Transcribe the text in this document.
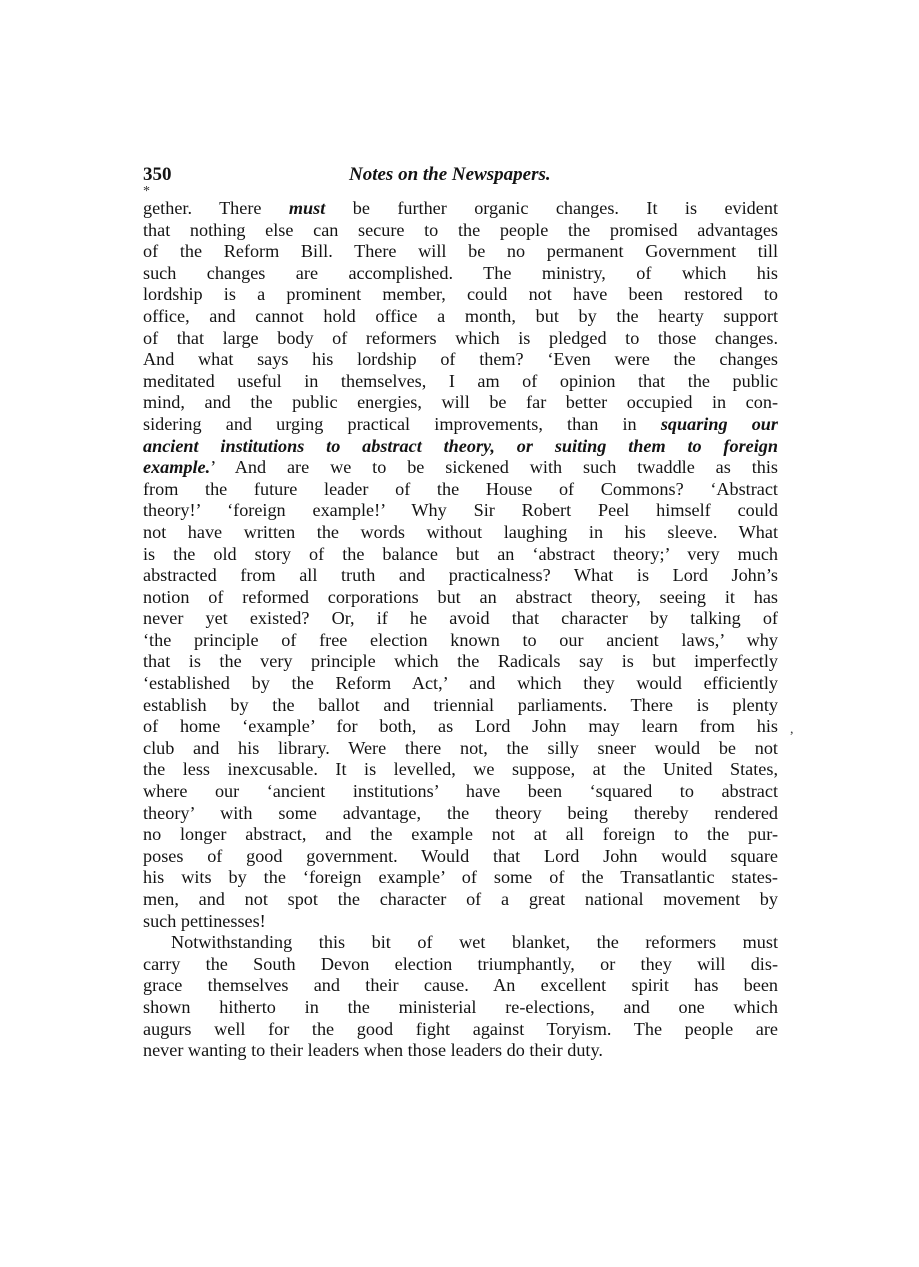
350	Notes on the Newspapers.
gether. There must be further organic changes. It is evident
that nothing else can secure to the people the promised advantages
of the Reform Bill. There will be no permanent Government till
such changes are accomplished. The ministry, of which his
lordship is a prominent member, could not have been restored to
office, and cannot hold office a month, but by the hearty support
of that large body of reformers which is pledged to those changes.
And what says his lordship of them? ‘Even were the changes
meditated useful in themselves, I am of opinion that the public
mind, and the public energies, will be far better occupied in con-
sidering and urging practical improvements, than in squaring our
ancient institutions to abstract theory, or suiting them to foreign
example.’ And are we to be sickened with such twaddle as this
from the future leader of the House of Commons? ‘Abstract
theory!’ ‘foreign example!’ Why Sir Robert Peel himself could
not have written the words without laughing in his sleeve. What
is the old story of the balance but an ‘abstract theory;’ very much
abstracted from all truth and practicalness? What is Lord John’s
notion of reformed corporations but an abstract theory, seeing it has
never yet existed? Or, if he avoid that character by talking of
‘the principle of free election known to our ancient laws,’ why
that is the very principle which the Radicals say is but imperfectly
‘established by the Reform Act,’ and which they would efficiently
establish by the ballot and triennial parliaments. There is plenty
of home ‘example’ for both, as Lord John may learn from his
club and his library. Were there not, the silly sneer would be not
the less inexcusable. It is levelled, we suppose, at the United States,
where our ‘ancient institutions’ have been ‘squared to abstract
theory’ with some advantage, the theory being thereby rendered
no longer abstract, and the example not at all foreign to the pur-
poses of good government. Would that Lord John would square
his wits by the ‘foreign example’ of some of the Transatlantic states-
men, and not spot the character of a great national movement by
such pettinesses!
Notwithstanding this bit of wet blanket, the reformers must
carry the South Devon election triumphantly, or they will dis-
grace themselves and their cause. An excellent spirit has been
shown hitherto in the ministerial re-elections, and one which
augurs well for the good fight against Toryism. The people are
never wanting to their leaders when those leaders do their duty.
*
,
